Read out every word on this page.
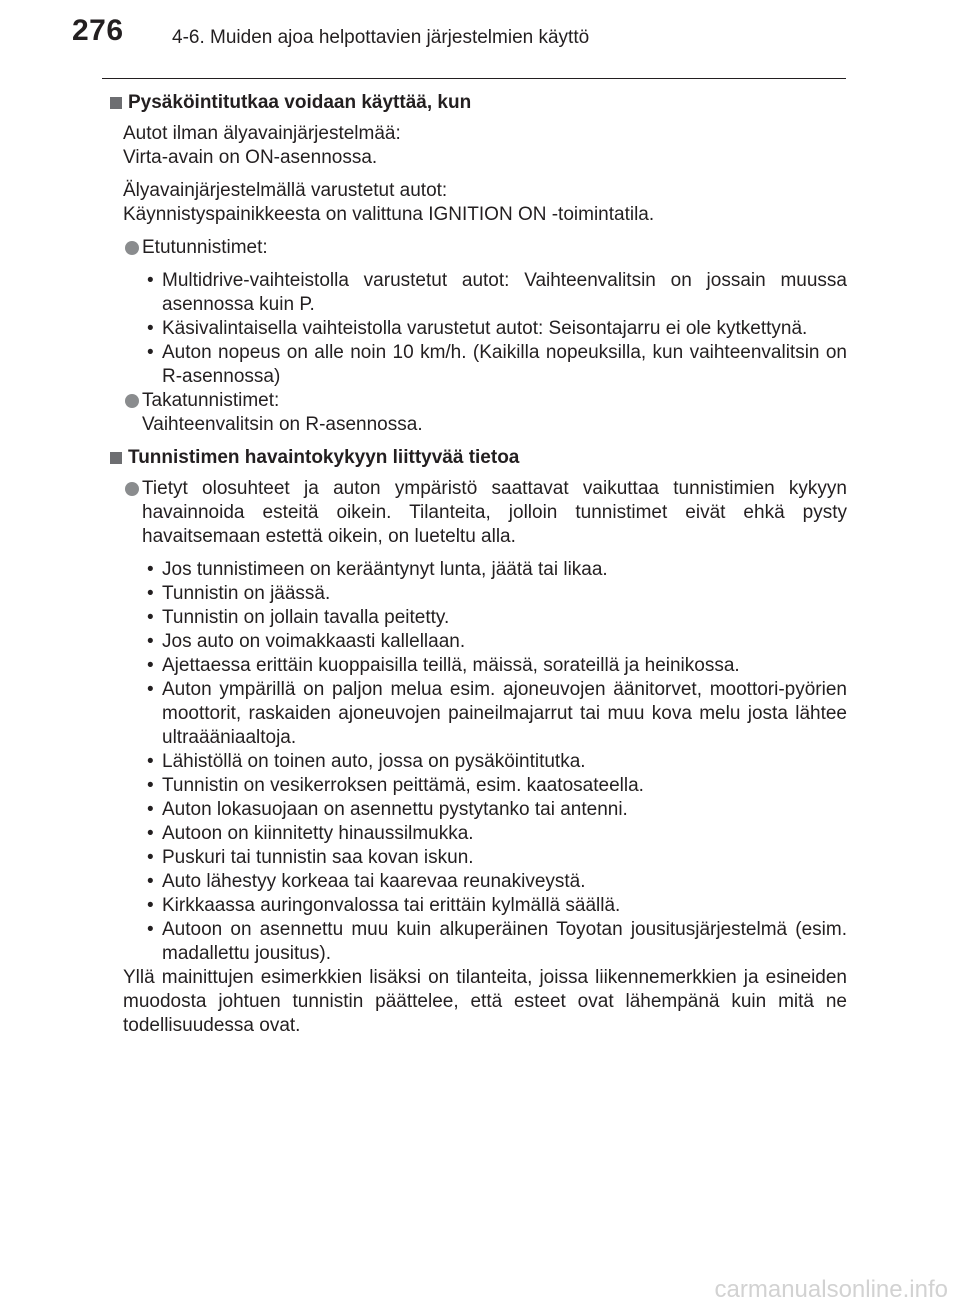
276	4-6. Muiden ajoa helpottavien järjestelmien käyttö
Pysäköintitutkaa voidaan käyttää, kun
Autot ilman älyavainjärjestelmää:
Virta-avain on ON-asennossa.
Älyavainjärjestelmällä varustetut autot:
Käynnistyspainikkeesta on valittuna IGNITION ON -toimintatila.
Etutunnistimet:
• Multidrive-vaihteistolla varustetut autot: Vaihteenvalitsin on jossain muussa asennossa kuin P.
• Käsivalintaisella vaihteistolla varustetut autot: Seisontajarru ei ole kytkettynä.
• Auton nopeus on alle noin 10 km/h. (Kaikilla nopeuksilla, kun vaihteenvalitsin on R-asennossa)
Takatunnistimet:
Vaihteenvalitsin on R-asennossa.
Tunnistimen havaintokykyyn liittyvää tietoa
Tietyt olosuhteet ja auton ympäristö saattavat vaikuttaa tunnistimien kykyyn havainnoida esteitä oikein. Tilanteita, jolloin tunnistimet eivät ehkä pysty havaitsemaan estettä oikein, on lueteltu alla.
• Jos tunnistimeen on kerääntynyt lunta, jäätä tai likaa.
• Tunnistin on jäässä.
• Tunnistin on jollain tavalla peitetty.
• Jos auto on voimakkaasti kallellaan.
• Ajettaessa erittäin kuoppaisilla teillä, mäissä, sorateillä ja heinikossa.
• Auton ympärillä on paljon melua esim. ajoneuvojen äänitorvet, moottori-pyörien moottorit, raskaiden ajoneuvojen paineilmajarrut tai muu kova melu josta lähtee ultraääniaaltoja.
• Lähistöllä on toinen auto, jossa on pysäköintitutka.
• Tunnistin on vesikerroksen peittämä, esim. kaatosateella.
• Auton lokasuojaan on asennettu pystytanko tai antenni.
• Autoon on kiinnitetty hinaussilmukka.
• Puskuri tai tunnistin saa kovan iskun.
• Auto lähestyy korkeaa tai kaarevaa reunakiveystä.
• Kirkkaassa auringonvalossa tai erittäin kylmällä säällä.
• Autoon on asennettu muu kuin alkuperäinen Toyotan jousitusjärjestelmä (esim. madallettu jousitus).
Yllä mainittujen esimerkkien lisäksi on tilanteita, joissa liikennemerkkien ja esineiden muodosta johtuen tunnistin päättelee, että esteet ovat lähempänä kuin mitä ne todellisuudessa ovat.
carmanualsonline.info
